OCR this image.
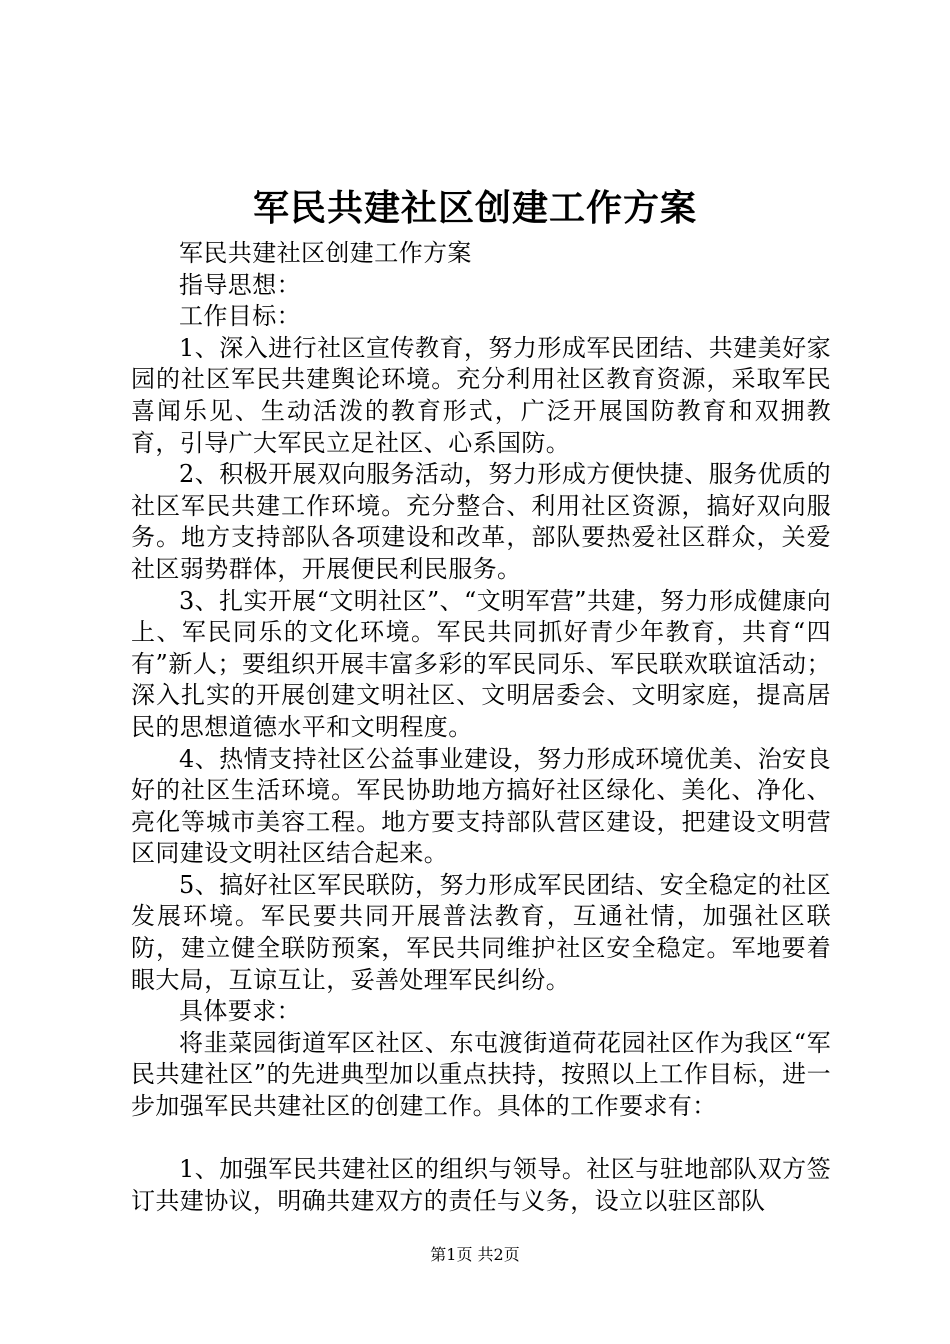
军民共建社区创建工作方案

军民共建社区创建工作方案

指导思想：

工作目标：

1、深入进行社区宣传教育，努力形成军民团结、共建美好家园的社区军民共建舆论环境。充分利用社区教育资源，采取军民喜闻乐见、生动活泼的教育形式，广泛开展国防教育和双拥教育，引导广大军民立足社区、心系国防。

2、积极开展双向服务活动，努力形成方便快捷、服务优质的社区军民共建工作环境。充分整合、利用社区资源，搞好双向服务。地方支持部队各项建设和改革，部队要热爱社区群众，关爱社区弱势群体，开展便民利民服务。

3、扎实开展“文明社区”、“文明军营”共建，努力形成健康向上、军民同乐的文化环境。军民共同抓好青少年教育，共育“四有”新人；要组织开展丰富多彩的军民同乐、军民联欢联谊活动；深入扎实的开展创建文明社区、文明居委会、文明家庭，提高居民的思想道德水平和文明程度。

4、热情支持社区公益事业建设，努力形成环境优美、治安良好的社区生活环境。军民协助地方搞好社区绿化、美化、净化、亮化等城市美容工程。地方要支持部队营区建设，把建设文明营区同建设文明社区结合起来。

5、搞好社区军民联防，努力形成军民团结、安全稳定的社区发展环境。军民要共同开展普法教育，互通社情，加强社区联防，建立健全联防预案，军民共同维护社区安全稳定。军地要着眼大局，互谅互让，妥善处理军民纠纷。

具体要求：

将韭菜园街道军区社区、东屯渡街道荷花园社区作为我区“军民共建社区”的先进典型加以重点扶持，按照以上工作目标，进一步加强军民共建社区的创建工作。具体的工作要求有：

1、加强军民共建社区的组织与领导。社区与驻地部队双方签订共建协议，明确共建双方的责任与义务，设立以驻区部队

第1页 共2页
